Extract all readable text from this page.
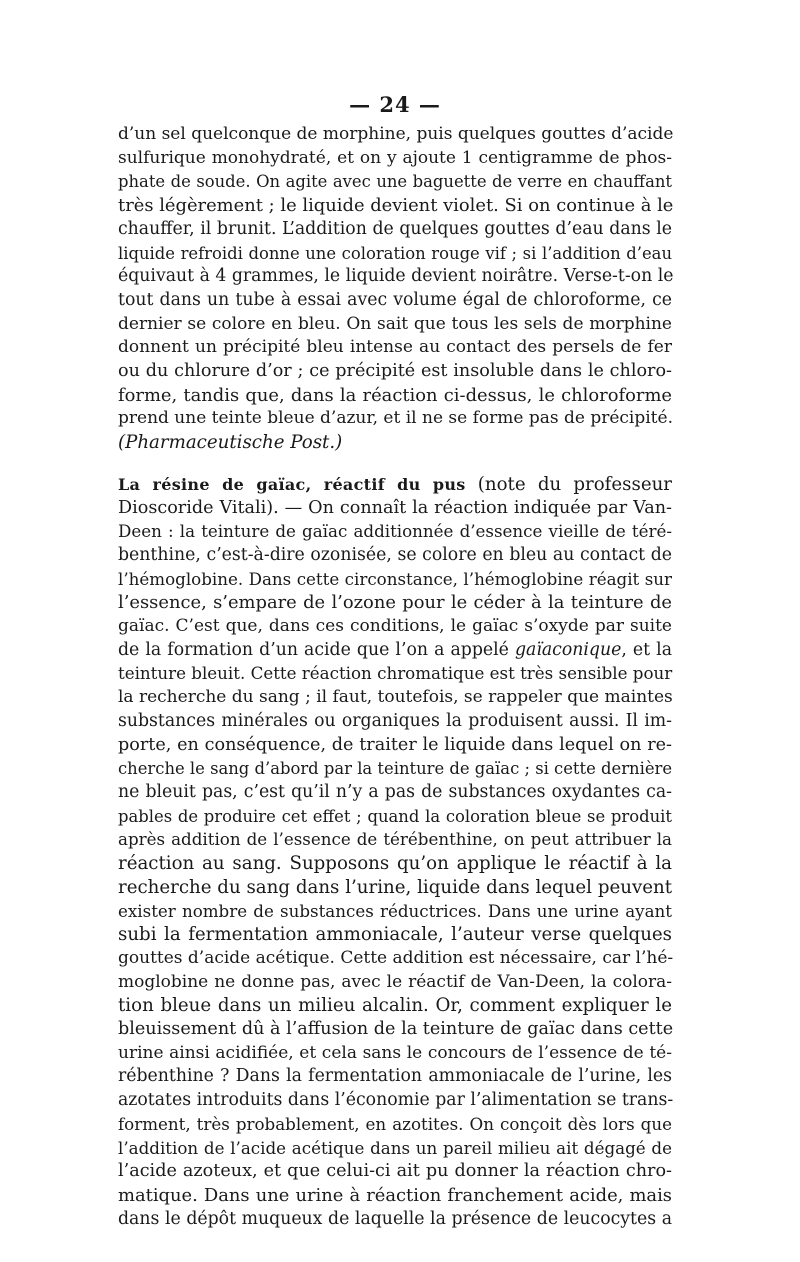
— 24 —
d’un sel quelconque de morphine, puis quelques gouttes d’acide
sulfurique monohydraté, et on y ajoute 1 centigramme de phos-
phate de soude. On agite avec une baguette de verre en chauffant
très légèrement ; le liquide devient violet. Si on continue à le
chauffer, il brunit. L’addition de quelques gouttes d’eau dans le
liquide refroidi donne une coloration rouge vif ; si l’addition d’eau
équivaut à 4 grammes, le liquide devient noirâtre. Verse-t-on le
tout dans un tube à essai avec volume égal de chloroforme, ce
dernier se colore en bleu. On sait que tous les sels de morphine
donnent un précipité bleu intense au contact des persels de fer
ou du chlorure d’or ; ce précipité est insoluble dans le chloro-
forme, tandis que, dans la réaction ci-dessus, le chloroforme
prend une teinte bleue d’azur, et il ne se forme pas de précipité.
(Pharmaceutische Post.)
La résine de gaïac, réactif du pus (note du professeur
Dioscoride Vitali). — On connaît la réaction indiquée par Van-
Deen : la teinture de gaïac additionnée d’essence vieille de téré-
benthine, c’est-à-dire ozonisée, se colore en bleu au contact de
l’hémoglobine. Dans cette circonstance, l’hémoglobine réagit sur
l’essence, s’empare de l’ozone pour le céder à la teinture de
gaïac. C’est que, dans ces conditions, le gaïac s’oxyde par suite
de la formation d’un acide que l’on a appelé gaïaconique, et la
teinture bleuit. Cette réaction chromatique est très sensible pour
la recherche du sang ; il faut, toutefois, se rappeler que maintes
substances minérales ou organiques la produisent aussi. Il im-
porte, en conséquence, de traiter le liquide dans lequel on re-
cherche le sang d’abord par la teinture de gaïac ; si cette dernière
ne bleuit pas, c’est qu’il n’y a pas de substances oxydantes ca-
pables de produire cet effet ; quand la coloration bleue se produit
après addition de l’essence de térébenthine, on peut attribuer la
réaction au sang. Supposons qu’on applique le réactif à la
recherche du sang dans l’urine, liquide dans lequel peuvent
exister nombre de substances réductrices. Dans une urine ayant
subi la fermentation ammoniacale, l’auteur verse quelques
gouttes d’acide acétique. Cette addition est nécessaire, car l’hé-
moglobine ne donne pas, avec le réactif de Van-Deen, la colora-
tion bleue dans un milieu alcalin. Or, comment expliquer le
bleuissement dû à l’affusion de la teinture de gaïac dans cette
urine ainsi acidifiée, et cela sans le concours de l’essence de té-
rébenthine ? Dans la fermentation ammoniacale de l’urine, les
azotates introduits dans l’économie par l’alimentation se trans-
forment, très probablement, en azotites. On conçoit dès lors que
l’addition de l’acide acétique dans un pareil milieu ait dégagé de
l’acide azoteux, et que celui-ci ait pu donner la réaction chro-
matique. Dans une urine à réaction franchement acide, mais
dans le dépôt muqueux de laquelle la présence de leucocytes a
